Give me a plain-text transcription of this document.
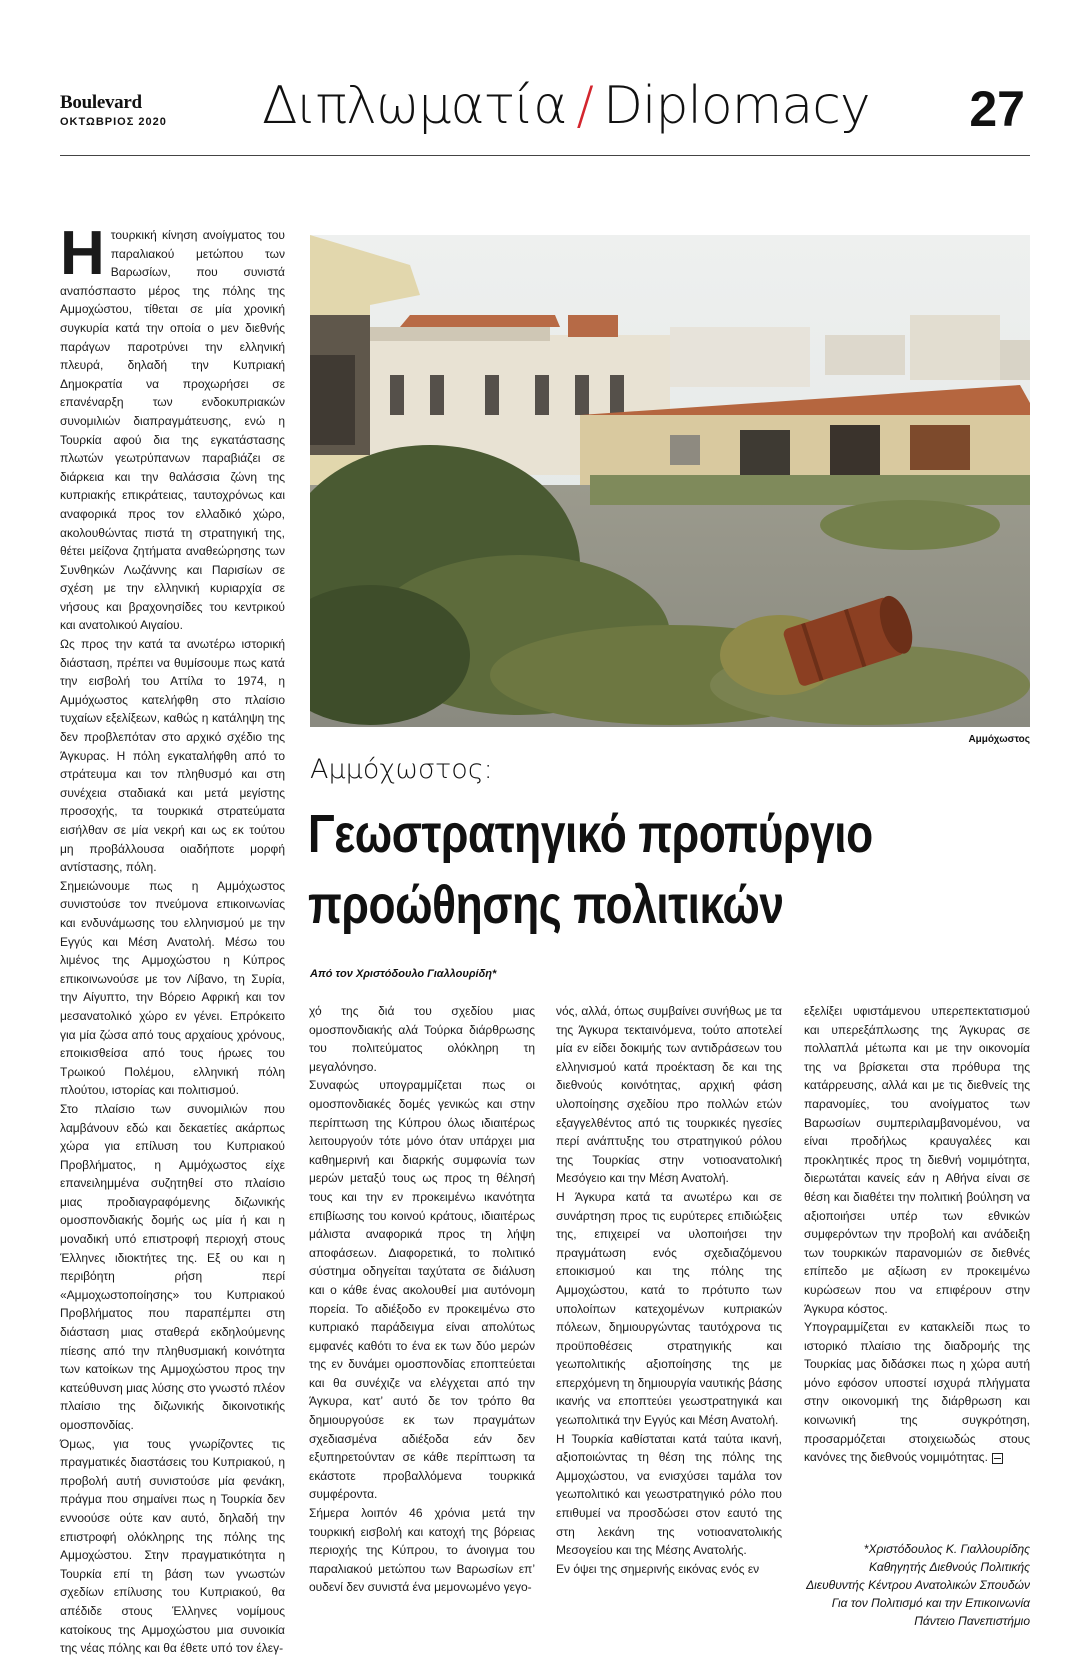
Boulevard
ΟΚΤΩΒΡΙΟΣ 2020 Διπλωματία / Diplomacy 27
Η τουρκική κίνηση ανοίγματος του παραλιακού μετώπου των Βαρωσίων, που συνιστά αναπόσπαστο μέρος της πόλης της Αμμοχώστου, τίθεται σε μία χρονική συγκυρία κατά την οποία ο μεν διεθνής παράγων παροτρύνει την ελληνική πλευρά, δηλαδή την Κυπριακή Δημοκρατία να προχωρήσει σε επανέναρξη των ενδοκυπριακών συνομιλιών διαπραγμάτευσης, ενώ η Τουρκία αφού δια της εγκατάστασης πλωτών γεωτρύπανων παραβιάζει σε διάρκεια και την θαλάσσια ζώνη της κυπριακής επικράτειας, ταυτοχρόνως και αναφορικά προς τον ελλαδικό χώρο, ακολουθώντας πιστά τη στρατηγική της, θέτει μείζονα ζητήματα αναθεώρησης των Συνθηκών Λωζάννης και Παρισίων σε σχέση με την ελληνική κυριαρχία σε νήσους και βραχονησίδες του κεντρικού και ανατολικού Αιγαίου.

Ως προς την κατά τα ανωτέρω ιστορική διάσταση, πρέπει να θυμίσουμε πως κατά την εισβολή του Αττίλα το 1974, η Αμμόχωστος κατελήφθη στο πλαίσιο τυχαίων εξελίξεων, καθώς η κατάληψη της δεν προβλεπόταν στο αρχικό σχέδιο της Άγκυρας. Η πόλη εγκαταλήφθη από το στράτευμα και τον πληθυσμό και στη συνέχεια σταδιακά και μετά μεγίστης προσοχής, τα τουρκικά στρατεύματα εισήλθαν σε μία νεκρή και ως εκ τούτου μη προβάλλουσα οιαδήποτε μορφή αντίστασης, πόλη.

Σημειώνουμε πως η Αμμόχωστος συνιστούσε τον πνεύμονα επικοινωνίας και ενδυνάμωσης του ελληνισμού με την Εγγύς και Μέση Ανατολή. Μέσω του λιμένος της Αμμοχώστου η Κύπρος επικοινωνούσε με τον Λίβανο, τη Συρία, την Αίγυπτο, την Βόρειο Αφρική και τον μεσανατολικό χώρο εν γένει. Επρόκειτο για μία ζώσα από τους αρχαίους χρόνους, εποικισθείσα από τους ήρωες του Τρωικού Πολέμου, ελληνική πόλη πλούτου, ιστορίας και πολιτισμού.

Στο πλαίσιο των συνομιλιών που λαμβάνουν εδώ και δεκαετίες ακάρπως χώρα για επίλυση του Κυπριακού Προβλήματος, η Αμμόχωστος είχε επανειλημμένα συζητηθεί στο πλαίσιο μιας προδιαγραφόμενης διζωνικής ομοσπονδιακής δομής ως μία ή και η μοναδική υπό επιστροφή περιοχή στους Έλληνες ιδιοκτήτες της. Εξ ου και η περιβόητη ρήση περί «Αμμοχωστοποίησης» του Κυπριακού Προβλήματος που παραπέμπει στη διάσταση μιας σταθερά εκδηλούμενης πίεσης από την πληθυσμιακή κοινότητα των κατοίκων της Αμμοχώστου προς την κατεύθυνση μιας λύσης στο γνωστό πλέον πλαίσιο της διζωνικής δικοινοτικής ομοσπονδίας.

Όμως, για τους γνωρίζοντες τις πραγματικές διαστάσεις του Κυπριακού, η προβολή αυτή συνιστούσε μία φενάκη, πράγμα που σημαίνει πως η Τουρκία δεν εννοούσε ούτε καν αυτό, δηλαδή την επιστροφή ολόκληρης της πόλης της Αμμοχώστου. Στην πραγματικότητα η Τουρκία επί τη βάση των γνωστών σχεδίων επίλυσης του Κυπριακού, θα απέδιδε στους Έλληνες νομίμους κατοίκους της Αμμοχώστου μια συνοικία της νέας πόλης και θα έθετε υπό τον έλεγ-

Αμμόχωστος
Αμμόχωστος:
Γεωστρατηγικό προπύργιο
προώθησης πολιτικών
Από τον Χριστόδουλο Γιαλλουρίδη*

χό της διά του σχεδίου μιας ομοσπονδιακής αλά Τούρκα διάρθρωσης του πολιτεύματος ολόκληρη τη μεγαλόνησο.

Συναφώς υπογραμμίζεται πως οι ομοσπονδιακές δομές γενικώς και στην περίπτωση της Κύπρου όλως ιδιαιτέρως λειτουργούν τότε μόνο όταν υπάρχει μια καθημερινή και διαρκής συμφωνία των μερών μεταξύ τους ως προς τη θέλησή τους και την εν προκειμένω ικανότητα επιβίωσης του κοινού κράτους, ιδιαιτέρως μάλιστα αναφορικά προς τη λήψη αποφάσεων. Διαφορετικά, το πολιτικό σύστημα οδηγείται ταχύτατα σε διάλυση και ο κάθε ένας ακολουθεί μια αυτόνομη πορεία. Το αδιέξοδο εν προκειμένω στο κυπριακό παράδειγμα είναι απολύτως εμφανές καθότι το ένα εκ των δύο μερών της εν δυνάμει ομοσπονδίας εποπτεύεται και θα συνέχιζε να ελέγχεται από την Άγκυρα, κατ’ αυτό δε τον τρόπο θα δημιουργούσε εκ των πραγμάτων σχεδιασμένα αδιέξοδα εάν δεν εξυπηρετούνταν σε κάθε περίπτωση τα εκάστοτε προβαλλόμενα τουρκικά συμφέροντα.

Σήμερα λοιπόν 46 χρόνια μετά την τουρκική εισβολή και κατοχή της βόρειας περιοχής της Κύπρου, το άνοιγμα του παραλιακού μετώπου των Βαρωσίων επ’ ουδενί δεν συνιστά ένα μεμονωμένο γεγο-

νός, αλλά, όπως συμβαίνει συνήθως με τα της Άγκυρα τεκταινόμενα, τούτο αποτελεί μία εν είδει δοκιμής των αντιδράσεων του ελληνισμού κατά προέκταση δε και της διεθνούς κοινότητας, αρχική φάση υλοποίησης σχεδίου προ πολλών ετών εξαγγελθέντος από τις τουρκικές ηγεσίες περί ανάπτυξης του στρατηγικού ρόλου της Τουρκίας στην νοτιοανατολική Μεσόγειο και την Μέση Ανατολή.

Η Άγκυρα κατά τα ανωτέρω και σε συνάρτηση προς τις ευρύτερες επιδιώξεις της, επιχειρεί να υλοποιήσει την πραγμάτωση ενός σχεδιαζόμενου εποικισμού και της πόλης της Αμμοχώστου, κατά το πρότυπο των υπολοίπων κατεχομένων κυπριακών πόλεων, δημιουργώντας ταυτόχρονα τις προϋποθέσεις στρατηγικής και γεωπολιτικής αξιοποίησης της με επερχόμενη τη δημιουργία ναυτικής βάσης ικανής να εποπτεύει γεωστρατηγικά και γεωπολιτικά την Εγγύς και Μέση Ανατολή.

Η Τουρκία καθίσταται κατά ταύτα ικανή, αξιοποιώντας τη θέση της πόλης της Αμμοχώστου, να ενισχύσει ταμάλα τον γεωπολιτικό και γεωστρατηγικό ρόλο που επιθυμεί να προσδώσει στον εαυτό της στη λεκάνη της νοτιοανατολικής Μεσογείου και της Μέσης Ανατολής.

Εν όψει της σημερινής εικόνας ενός εν

εξελίξει υφιστάμενου υπερεπεκτατισμού και υπερεξάπλωσης της Άγκυρας σε πολλαπλά μέτωπα και με την οικονομία της να βρίσκεται στα πρόθυρα της κατάρρευσης, αλλά και με τις διεθνείς της παρανομίες, του ανοίγματος των Βαρωσίων συμπεριλαμβανομένου, να είναι προδήλως κραυγαλέες και προκλητικές προς τη διεθνή νομιμότητα, διερωτάται κανείς εάν η Αθήνα είναι σε θέση και διαθέτει την πολιτική βούληση να αξιοποιήσει υπέρ των εθνικών συμφερόντων την προβολή και ανάδειξη των τουρκικών παρανομιών σε διεθνές επίπεδο με αξίωση εν προκειμένω κυρώσεων που να επιφέρουν στην Άγκυρα κόστος.

Υπογραμμίζεται εν κατακλείδι πως το ιστορικό πλαίσιο της διαδρομής της Τουρκίας μας διδάσκει πως η χώρα αυτή μόνο εφόσον υποστεί ισχυρά πλήγματα στην οικονομική της διάρθρωση και κοινωνική της συγκρότηση, προσαρμόζεται στοιχειωδώς στους κανόνες της διεθνούς νομιμότητας.

*Χριστόδουλος Κ. Γιαλλουρίδης
Καθηγητής Διεθνούς Πολιτικής
Διευθυντής Κέντρου Ανατολικών Σπουδών Για τον Πολιτισμό και την Επικοινωνία Πάντειο Πανεπιστήμιο
